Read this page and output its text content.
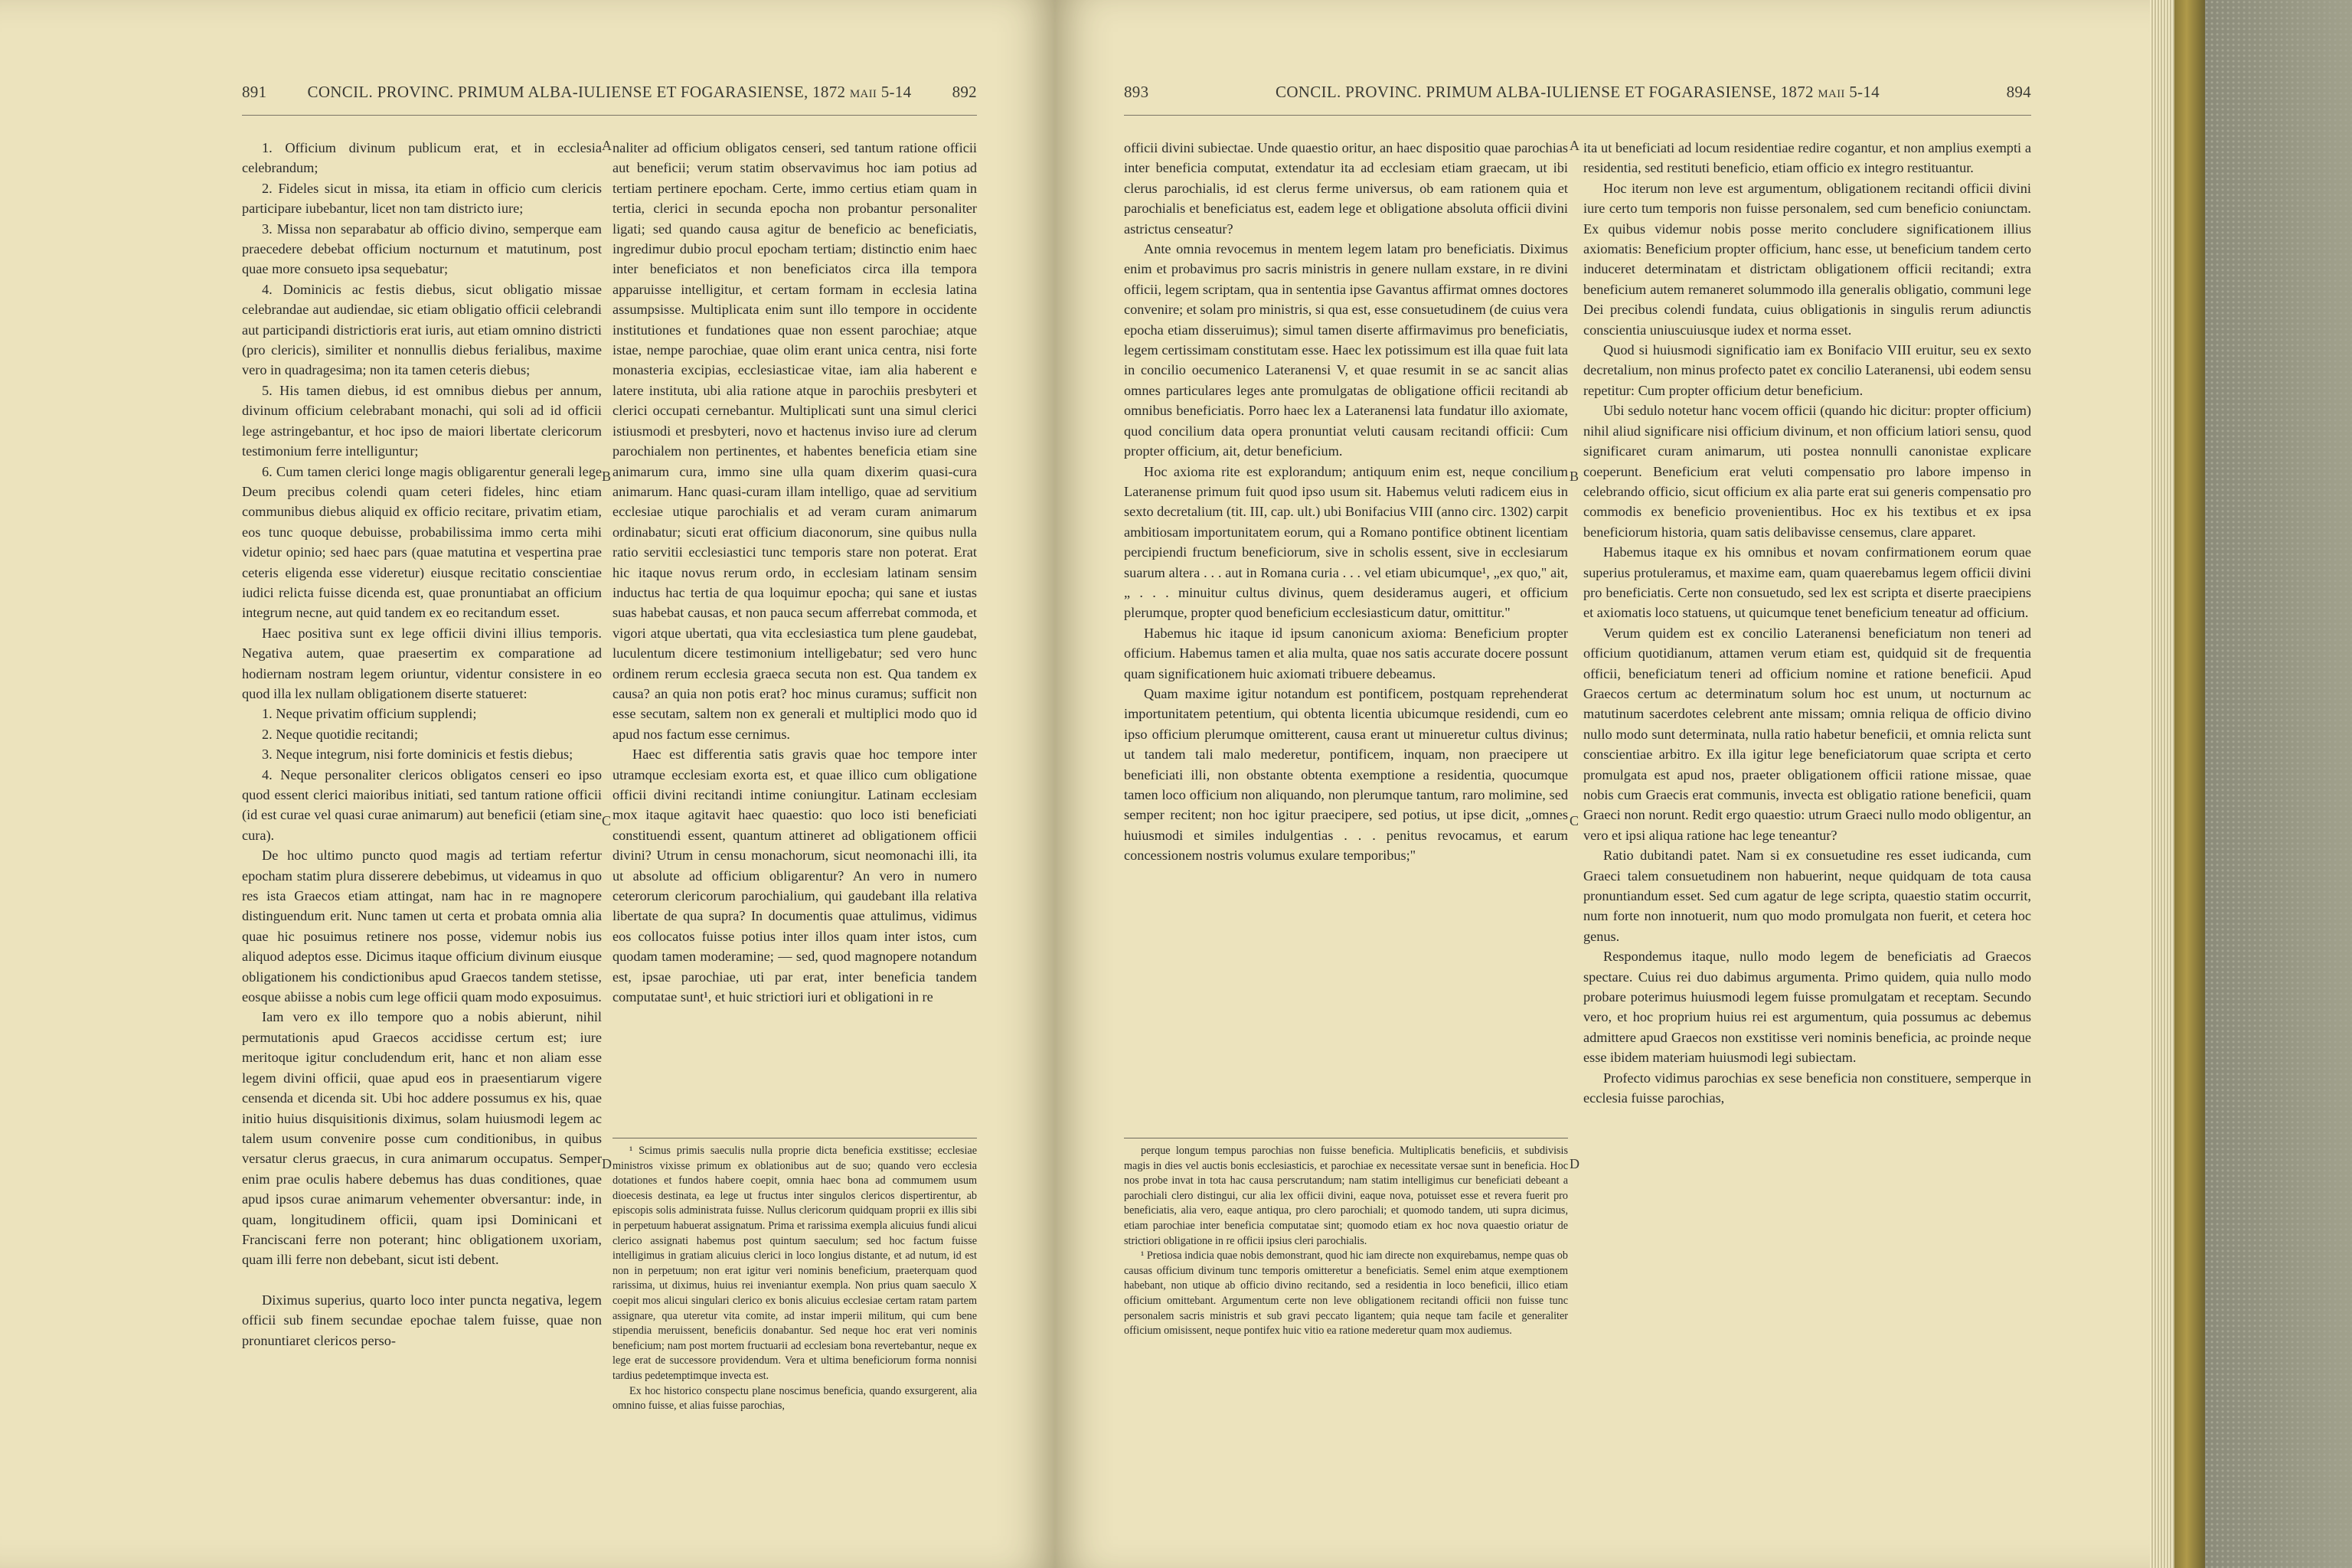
891	CONCIL. PROVINC. PRIMUM ALBA-IULIENSE ET FOGARASIENSE, 1872 maii 5-14	892

1. Officium divinum publicum erat, et in ecclesia celebrandum;

2. Fideles sicut in missa, ita etiam in officio cum clericis participare iubebantur, licet non tam districto iure;

3. Missa non separabatur ab officio divino, semperque eam praecedere debebat officium nocturnum et matutinum, post quae more consueto ipsa sequebatur;

4. Dominicis ac festis diebus, sicut obligatio missae celebrandae aut audiendae, sic etiam obligatio officii celebrandi aut participandi districtioris erat iuris, aut etiam omnino districti (pro clericis), similiter et nonnullis diebus ferialibus, maxime vero in quadragesima; non ita tamen ceteris diebus;

5. His tamen diebus, id est omnibus diebus per annum, divinum officium celebrabant monachi, qui soli ad id officii lege astringebantur, et hoc ipso de maiori libertate clericorum testimonium ferre intelliguntur;

6. Cum tamen clerici longe magis obligarentur generali lege Deum precibus colendi quam ceteri fideles, hinc etiam communibus diebus aliquid ex officio recitare, privatim etiam, eos tunc quoque debuisse, probabilissima immo certa mihi videtur opinio; sed haec pars (quae matutina et vespertina prae ceteris eligenda esse videretur) eiusque recitatio conscientiae iudici relicta fuisse dicenda est, quae pronuntiabat an officium integrum necne, aut quid tandem ex eo recitandum esset.

Haec positiva sunt ex lege officii divini illius temporis. Negativa autem, quae praesertim ex comparatione ad hodiernam nostram legem oriuntur, videntur consistere in eo quod illa lex nullam obligationem diserte statueret:

1. Neque privatim officium supplendi;

2. Neque quotidie recitandi;

3. Neque integrum, nisi forte dominicis et festis diebus;

4. Neque personaliter clericos obligatos censeri eo ipso quod essent clerici maioribus initiati, sed tantum ratione officii (id est curae vel quasi curae animarum) aut beneficii (etiam sine cura).

De hoc ultimo puncto quod magis ad tertiam refertur epocham statim plura disserere debebimus, ut videamus in quo res ista Graecos etiam attingat, nam hac in re magnopere distinguendum erit. Nunc tamen ut certa et probata omnia alia quae hic posuimus retinere nos posse, videmur nobis ius aliquod adeptos esse. Dicimus itaque officium divinum eiusque obligationem his condictionibus apud Graecos tandem stetisse, eosque abiisse a nobis cum lege officii quam modo exposuimus.

Iam vero ex illo tempore quo a nobis abierunt, nihil permutationis apud Graecos accidisse certum est; iure meritoque igitur concludendum erit, hanc et non aliam esse legem divini officii, quae apud eos in praesentiarum vigere censenda et dicenda sit. Ubi hoc addere possumus ex his, quae initio huius disquisitionis diximus, solam huiusmodi legem ac talem usum convenire posse cum conditionibus, in quibus versatur clerus graecus, in cura animarum occupatus. Semper enim prae oculis habere debemus has duas conditiones, quae apud ipsos curae animarum vehementer obversantur: inde, in quam, longitudinem officii, quam ipsi Dominicani et Franciscani ferre non poterant; hinc obligationem uxoriam, quam illi ferre non debebant, sicut isti debent.

Diximus superius, quarto loco inter puncta negativa, legem officii sub finem secundae epochae talem fuisse, quae non pronuntiaret clericos perso-

A
B
C
D

naliter ad officium obligatos censeri, sed tantum ratione officii aut beneficii; verum statim observavimus hoc iam potius ad tertiam pertinere epocham. Certe, immo certius etiam quam in tertia, clerici in secunda epocha non probantur personaliter ligati; sed quando causa agitur de beneficio ac beneficiatis, ingredimur dubio procul epocham tertiam; distinctio enim haec inter beneficiatos et non beneficiatos circa illa tempora apparuisse intelligitur, et certam formam in ecclesia latina assumpsisse. Multiplicata enim sunt illo tempore in occidente institutiones et fundationes quae non essent parochiae; atque istae, nempe parochiae, quae olim erant unica centra, nisi forte monasteria excipias, ecclesiasticae vitae, iam alia haberent e latere instituta, ubi alia ratione atque in parochiis presbyteri et clerici occupati cernebantur. Multiplicati sunt una simul clerici istiusmodi et presbyteri, novo et hactenus inviso iure ad clerum parochialem non pertinentes, et habentes beneficia etiam sine animarum cura, immo sine ulla quam dixerim quasi-cura animarum. Hanc quasi-curam illam intelligo, quae ad servitium ecclesiae utique parochialis et ad veram curam animarum ordinabatur; sicuti erat officium diaconorum, sine quibus nulla ratio servitii ecclesiastici tunc temporis stare non poterat. Erat hic itaque novus rerum ordo, in ecclesiam latinam sensim inductus hac tertia de qua loquimur epocha; qui sane et iustas suas habebat causas, et non pauca secum afferrebat commoda, et vigori atque ubertati, qua vita ecclesiastica tum plene gaudebat, luculentum dicere testimonium intelligebatur; sed vero hunc ordinem rerum ecclesia graeca secuta non est. Qua tandem ex causa? an quia non potis erat? hoc minus curamus; sufficit non esse secutam, saltem non ex generali et multiplici modo quo id apud nos factum esse cernimus.

Haec est differentia satis gravis quae hoc tempore inter utramque ecclesiam exorta est, et quae illico cum obligatione officii divini recitandi intime coniungitur. Latinam ecclesiam mox itaque agitavit haec quaestio: quo loco isti beneficiati constituendi essent, quantum attineret ad obligationem officii divini? Utrum in censu monachorum, sicut neomonachi illi, ita ut absolute ad officium obligarentur? An vero in numero ceterorum clericorum parochialium, qui gaudebant illa relativa libertate de qua supra? In documentis quae attulimus, vidimus eos collocatos fuisse potius inter illos quam inter istos, cum quodam tamen moderamine; — sed, quod magnopere notandum est, ipsae parochiae, uti par erat, inter beneficia tandem computatae sunt¹, et huic strictiori iuri et obligationi in re

¹ Scimus primis saeculis nulla proprie dicta beneficia exstitisse; ecclesiae ministros vixisse primum ex oblationibus aut de suo; quando vero ecclesia dotationes et fundos habere coepit, omnia haec bona ad commumem usum dioecesis destinata, ea lege ut fructus inter singulos clericos dispertirentur, ab episcopis solis administrata fuisse. Nullus clericorum quidquam proprii ex illis sibi in perpetuum habuerat assignatum. Prima et rarissima exempla alicuius fundi alicui clerico assignati habemus post quintum saeculum; sed hoc factum fuisse intelligimus in gratiam alicuius clerici in loco longius distante, et ad nutum, id est non in perpetuum; non erat igitur veri nominis beneficium, praeterquam quod rarissima, ut diximus, huius rei inveniantur exempla. Non prius quam saeculo X coepit mos alicui singulari clerico ex bonis alicuius ecclesiae certam ratam partem assignare, qua uteretur vita comite, ad instar imperii militum, qui cum bene stipendia meruissent, beneficiis donabantur. Sed neque hoc erat veri nominis beneficium; nam post mortem fructuarii ad ecclesiam bona revertebantur, neque ex lege erat de successore providendum. Vera et ultima beneficiorum forma nonnisi tardius pedetemptimque invecta est.

Ex hoc historico conspectu plane noscimus beneficia, quando exsurgerent, alia omnino fuisse, et alias fuisse parochias,

893	CONCIL. PROVINC. PRIMUM ALBA-IULIENSE ET FOGARASIENSE, 1872 maii 5-14	894

officii divini subiectae. Unde quaestio oritur, an haec dispositio quae parochias inter beneficia computat, extendatur ita ad ecclesiam etiam graecam, ut ibi clerus parochialis, id est clerus ferme universus, ob eam rationem quia et parochialis et beneficiatus est, eadem lege et obligatione absoluta officii divini astrictus censeatur?

Ante omnia revocemus in mentem legem latam pro beneficiatis. Diximus enim et probavimus pro sacris ministris in genere nullam exstare, in re divini officii, legem scriptam, qua in sententia ipse Gavantus affirmat omnes doctores convenire; et solam pro ministris, si qua est, esse consuetudinem (de cuius vera epocha etiam disseruimus); simul tamen diserte affirmavimus pro beneficiatis, legem certissimam constitutam esse. Haec lex potissimum est illa quae fuit lata in concilio oecumenico Lateranensi V, et quae resumit in se ac sancit alias omnes particulares leges ante promulgatas de obligatione officii recitandi ab omnibus beneficiatis. Porro haec lex a Lateranensi lata fundatur illo axiomate, quod concilium data opera pronuntiat veluti causam recitandi officii: Cum propter officium, ait, detur beneficium.

Hoc axioma rite est explorandum; antiquum enim est, neque concilium Lateranense primum fuit quod ipso usum sit. Habemus veluti radicem eius in sexto decretalium (tit. III, cap. ult.) ubi Bonifacius VIII (anno circ. 1302) carpit ambitiosam importunitatem eorum, qui a Romano pontifice obtinent licentiam percipiendi fructum beneficiorum, sive in scholis essent, sive in ecclesiarum suarum altera . . . aut in Romana curia . . . vel etiam ubicumque¹, „ex quo," ait, „ . . . minuitur cultus divinus, quem desideramus augeri, et officium plerumque, propter quod beneficium ecclesiasticum datur, omittitur."

Habemus hic itaque id ipsum canonicum axioma: Beneficium propter officium. Habemus tamen et alia multa, quae nos satis accurate docere possunt quam significationem huic axiomati tribuere debeamus.

Quam maxime igitur notandum est pontificem, postquam reprehenderat importunitatem petentium, qui obtenta licentia ubicumque residendi, cum eo ipso officium plerumque omitterent, causa erant ut minueretur cultus divinus; ut tandem tali malo mederetur, pontificem, inquam, non praecipere ut beneficiati illi, non obstante obtenta exemptione a residentia, quocumque tamen loco officium non aliquando, non plerumque tantum, raro molimine, sed semper recitent; non hoc igitur praecipere, sed potius, ut ipse dicit, „omnes huiusmodi et similes indulgentias . . . penitus revocamus, et earum concessionem nostris volumus exulare temporibus;"

A
B
C
D

ita ut beneficiati ad locum residentiae redire cogantur, et non amplius exempti a residentia, sed restituti beneficio, etiam officio ex integro restituantur.

Hoc iterum non leve est argumentum, obligationem recitandi officii divini iure certo tum temporis non fuisse personalem, sed cum beneficio coniunctam. Ex quibus videmur nobis posse merito concludere significationem illius axiomatis: Beneficium propter officium, hanc esse, ut beneficium tandem certo induceret determinatam et districtam obligationem officii recitandi; extra beneficium autem remaneret solummodo illa generalis obligatio, communi lege Dei precibus colendi fundata, cuius obligationis in singulis rerum adiunctis conscientia uniuscuiusque iudex et norma esset.

Quod si huiusmodi significatio iam ex Bonifacio VIII eruitur, seu ex sexto decretalium, non minus profecto patet ex concilio Lateranensi, ubi eodem sensu repetitur: Cum propter officium detur beneficium.

Ubi sedulo notetur hanc vocem officii (quando hic dicitur: propter officium) nihil aliud significare nisi officium divinum, et non officium latiori sensu, quod significaret curam animarum, uti postea nonnulli canonistae explicare coeperunt. Beneficium erat veluti compensatio pro labore impenso in celebrando officio, sicut officium ex alia parte erat sui generis compensatio pro commodis ex beneficio provenientibus. Hoc ex his textibus et ex ipsa beneficiorum historia, quam satis delibavisse censemus, clare apparet.

Habemus itaque ex his omnibus et novam confirmationem eorum quae superius protuleramus, et maxime eam, quam quaerebamus legem officii divini pro beneficiatis. Certe non consuetudo, sed lex est scripta et diserte praecipiens et axiomatis loco statuens, ut quicumque tenet beneficium teneatur ad officium.

Verum quidem est ex concilio Lateranensi beneficiatum non teneri ad officium quotidianum, attamen verum etiam est, quidquid sit de frequentia officii, beneficiatum teneri ad officium nomine et ratione beneficii. Apud Graecos certum ac determinatum solum hoc est unum, ut nocturnum ac matutinum sacerdotes celebrent ante missam; omnia reliqua de officio divino nullo modo sunt determinata, nulla ratio habetur beneficii, et omnia relicta sunt conscientiae arbitro. Ex illa igitur lege beneficiatorum quae scripta et certo promulgata est apud nos, praeter obligationem officii ratione missae, quae nobis cum Graecis erat communis, invecta est obligatio ratione beneficii, quam Graeci non norunt. Redit ergo quaestio: utrum Graeci nullo modo obligentur, an vero et ipsi aliqua ratione hac lege teneantur?

Ratio dubitandi patet. Nam si ex consuetudine res esset iudicanda, cum Graeci talem consuetudinem non habuerint, neque quidquam de tota causa pronuntiandum esset. Sed cum agatur de lege scripta, quaestio statim occurrit, num forte non innotuerit, num quo modo promulgata non fuerit, et cetera hoc genus.

Respondemus itaque, nullo modo legem de beneficiatis ad Graecos spectare. Cuius rei duo dabimus argumenta. Primo quidem, quia nullo modo probare poterimus huiusmodi legem fuisse promulgatam et receptam. Secundo vero, et hoc proprium huius rei est argumentum, quia possumus ac debemus admittere apud Graecos non exstitisse veri nominis beneficia, ac proinde neque esse ibidem materiam huiusmodi legi subiectam.

Profecto vidimus parochias ex sese beneficia non constituere, semperque in ecclesia fuisse parochias,

perque longum tempus parochias non fuisse beneficia. Multiplicatis beneficiis, et subdivisis magis in dies vel auctis bonis ecclesiasticis, et parochiae ex necessitate versae sunt in beneficia. Hoc nos probe invat in tota hac causa perscrutandum; nam statim intelligimus cur beneficiati debeant a parochiali clero distingui, cur alia lex officii divini, eaque nova, potuisset esse et revera fuerit pro beneficiatis, alia vero, eaque antiqua, pro clero parochiali; et quomodo tandem, uti supra dicimus, etiam parochiae inter beneficia computatae sint; quomodo etiam ex hoc nova quaestio oriatur de strictiori obligatione in re officii ipsius cleri parochialis.

¹ Pretiosa indicia quae nobis demonstrant, quod hic iam directe non exquirebamus, nempe quas ob causas officium divinum tunc temporis omitteretur a beneficiatis. Semel enim atque exemptionem habebant, non utique ab officio divino recitando, sed a residentia in loco beneficii, illico etiam officium omittebant. Argumentum certe non leve obligationem recitandi officii non fuisse tunc personalem sacris ministris et sub gravi peccato ligantem; quia neque tam facile et generaliter officium omisissent, neque pontifex huic vitio ea ratione mederetur quam mox audiemus.
